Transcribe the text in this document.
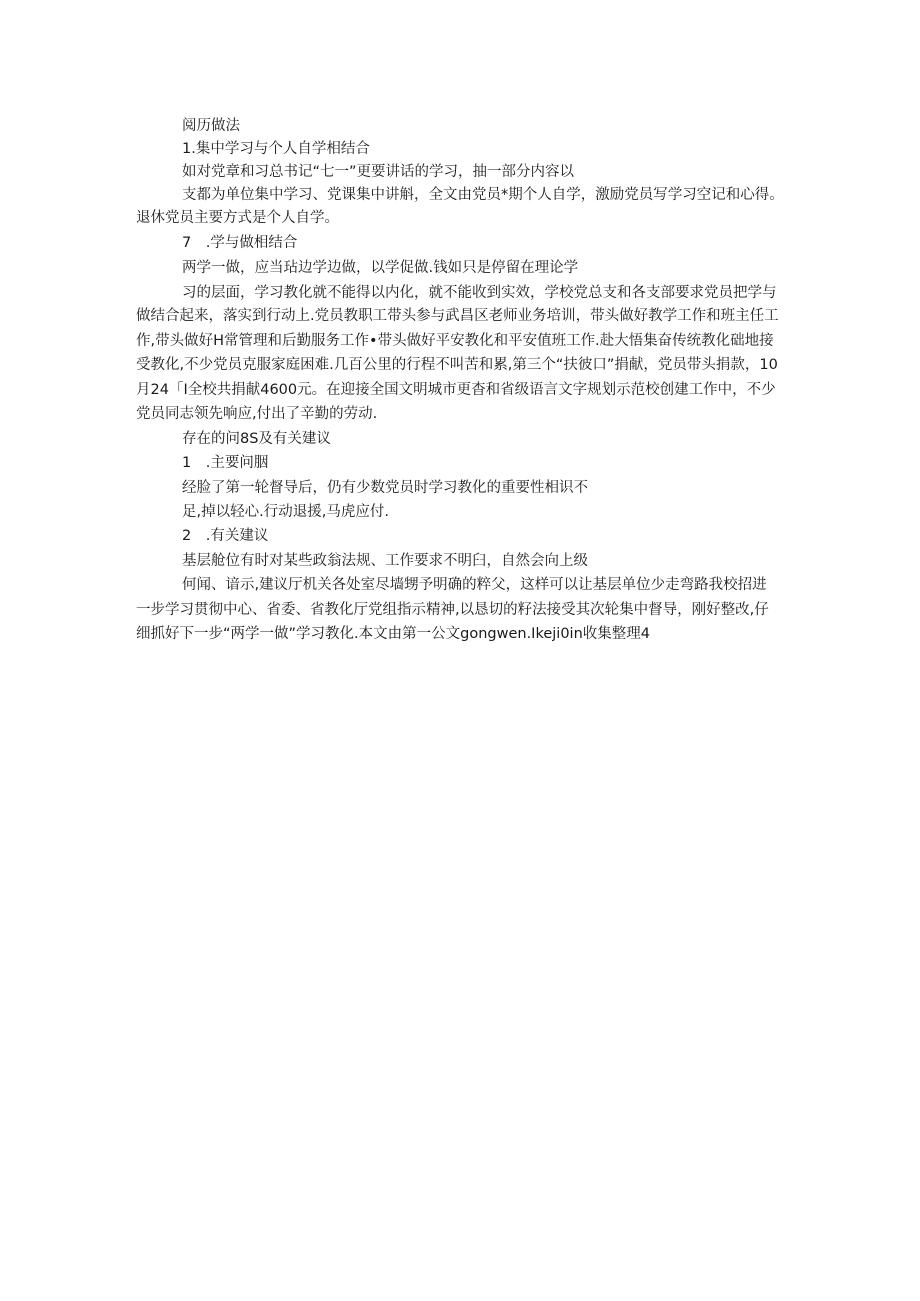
阅历做法
1.集中学习与个人自学相结合
如对党章和习总书记“七一”更要讲话的学习，抽一部分内容以
支都为单位集中学习、党课集中讲斛，全文由党员*期个人自学，激励党员写学习空记和心得。
退休党员主要方式是个人自学。
7　.学与做相结合
两学一做，应当玷边学边做，以学促做.钱如只是停留在理论学
习的层面，学习教化就不能得以内化，就不能收到实效，学校党总支和各支部要求党员把学与
做结合起来，落实到行动上.党员教职工带头参与武昌区老师业务培训，带头做好教学工作和班主任工
作,带头做好H常管理和后勤服务工作•带头做好平安教化和平安值班工作.赴大悟集奋传统教化础地接
受教化,不少党员克服家庭困难.几百公里的行程不叫苦和累,第三个“扶彼口”捐献，党员带头捐款，10
月24「I全校共捐献4600元。在迎接全国文明城市更杳和省级语言文字规划示范校创建工作中，不少
党员同志领先响应,付出了辛勤的劳动.
存在的问8S及有关建议
1　.主要问胭
经脸了第一轮督导后，仍有少数党员时学习教化的重要性相识不
足,掉以轻心.行动退援,马虎应付.
2　.有关建议
基层舱位有时对某些政翁法规、工作要求不明臼，自然会向上级
何闻、谙示,建议厅机关各处室尽墙甥予明确的粹父，这样可以让基层单位少走弯路我校招进
一步学习贯彻中心、省委、省教化厅党组指示精神,以恳切的籽法接受其次轮集中督导，刚好整改,仔
细抓好下一步“两学一做”学习教化.本文由第一公文gongwen.Ikeji0in收集整理4
